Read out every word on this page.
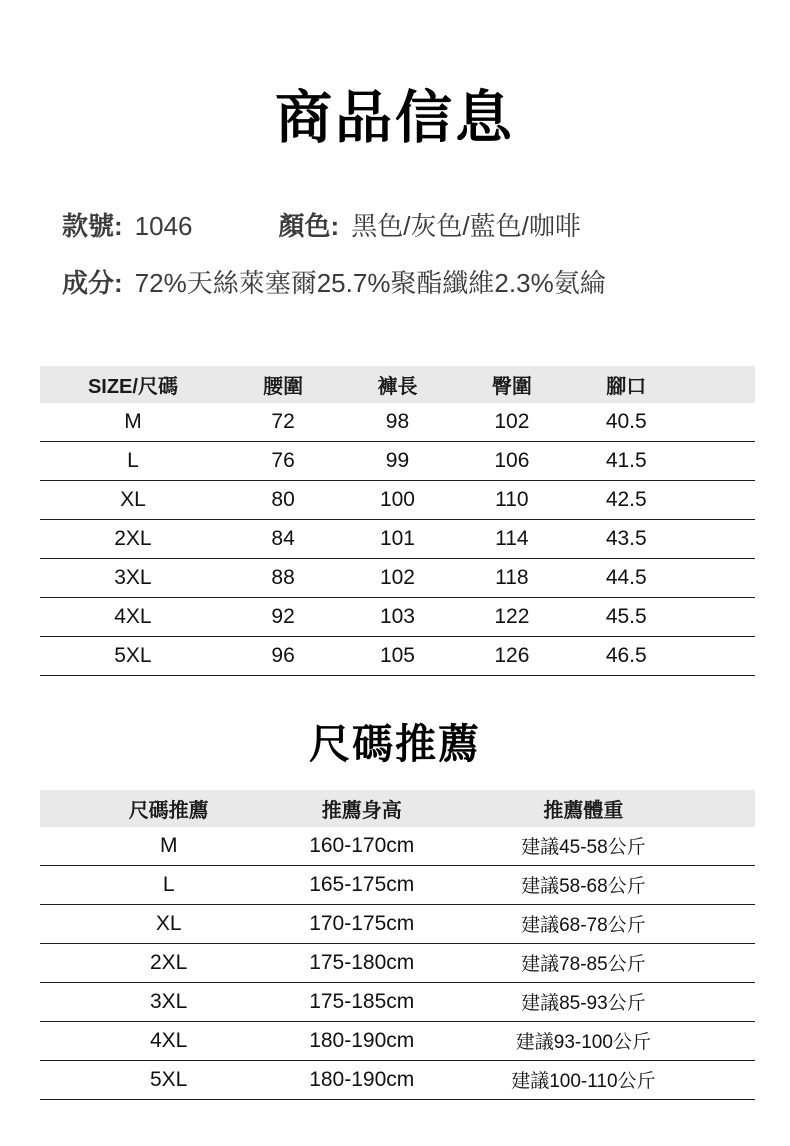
商品信息
款號: 1046	顏色: 黑色/灰色/藍色/咖啡
成分: 72%天絲萊塞爾25.7%聚酯纖維2.3%氨綸
SIZE/尺碼	腰圍	褲長	臀圍	腳口
M	72	98	102	40.5
L	76	99	106	41.5
XL	80	100	110	42.5
2XL	84	101	114	43.5
3XL	88	102	118	44.5
4XL	92	103	122	45.5
5XL	96	105	126	46.5
尺碼推薦
尺碼推薦	推薦身高	推薦體重
M	160-170cm	建議45-58公斤
L	165-175cm	建議58-68公斤
XL	170-175cm	建議68-78公斤
2XL	175-180cm	建議78-85公斤
3XL	175-185cm	建議85-93公斤
4XL	180-190cm	建議93-100公斤
5XL	180-190cm	建議100-110公斤
